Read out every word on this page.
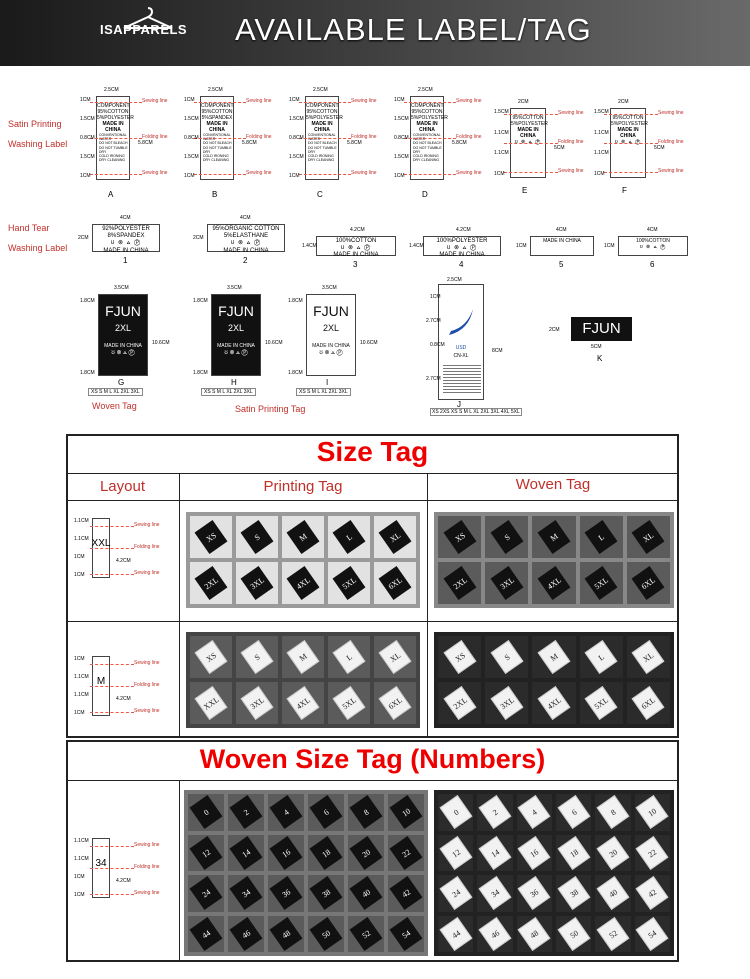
ISAPPARELS AVAILABLE LABEL/TAG
Satin Printing
Washing Label
Hand Tear
Washing Label
COMPONENT
95%COTTON
5%POLYESTER
MADE IN CHINA
CONVENTIONAL WATER
DO NOT BLEACH
DO NOT TUMBLE DRY
COLD IRONING
DRY CLEANING
2.5CM
A
Sewing line
Folding line
Sewing line
1CM
1.5CM
0.8CM
1.5CM
1CM
5.8CM
COMPONENT
95%COTTON
5%SPANDEX
MADE IN CHINA
CONVENTIONAL WATER
DO NOT BLEACH
DO NOT TUMBLE DRY
COLD IRONING
DRY CLEANING
2.5CM
B
Sewing line
Folding line
Sewing line
1CM
1.5CM
0.8CM
1.5CM
1CM
5.8CM
COMPONENT
95%COTTON
5%POLYESTER
MADE IN CHINA
CONVENTIONAL WATER
DO NOT BLEACH
DO NOT TUMBLE DRY
COLD IRONING
DRY CLEANING
2.5CM
C
Sewing line
Folding line
Sewing line
1CM
1.5CM
0.8CM
1.5CM
1CM
5.8CM
COMPONENT
95%COTTON
5%POLYESTER
MADE IN CHINA
CONVENTIONAL WATER
DO NOT BLEACH
DO NOT TUMBLE DRY
COLD IRONING
DRY CLEANING
2.5CM
D
Sewing line
Folding line
Sewing line
1CM
1.5CM
0.8CM
1.5CM
1CM
5.8CM
95%COTTON
5%POLYESTER
MADE IN CHINA
ʊ ⊗ ⩟ Ⓟ
2CM
E
Sewing line
Folding line
Sewing line
1.5CM
1.1CM
1.1CM
1CM
5CM
95%COTTON
5%POLYESTER
MADE IN CHINA
ʊ ⊗ ⩟ Ⓟ
2CM
F
Sewing line
Folding line
Sewing line
1.5CM
1.1CM
1.1CM
1CM
5CM
92%POLYESTER 8%SPANDEX
ʊ ⊗ ⩟ Ⓟ
MADE IN CHINA
4CM
2CM
1
95%ORGANIC COTTON 5%ELASTHANE
ʊ ⊗ ⩟ Ⓟ
MADE IN CHINA
4CM
2CM
2
100%COTTON
ʊ ⊗ ⩟ Ⓟ
MADE IN CHINA
4.2CM
1.4CM
3
100%POLYESTER
ʊ ⊗ ⩟ Ⓟ
MADE IN CHINA
4.2CM
1.4CM
4
MADE IN CHINA
4CM
1CM
5
100%COTTON
ʊ ⊗ ⩟ Ⓟ
4CM
1CM
6
FJUN
2XL
MADE IN CHINA
ʊ ⊗ ⩟ Ⓟ
3.5CM
1.8CM
1.8CM
10.6CM
XS S M L XL 2XL 3XL
G
FJUN
2XL
MADE IN CHINA
ʊ ⊗ ⩟ Ⓟ
3.5CM
1.8CM
1.8CM
10.6CM
XS S M L XL 2XL 3XL
H
FJUN
2XL
MADE IN CHINA
ʊ ⊗ ⩟ Ⓟ
3.5CM
1.8CM
1.8CM
10.6CM
XS S M L XL 2XL 3XL
I
2.5CM
USD
CN-XL
1CM
2.7CM
0.8CM
2.7CM
8CM
XS 2XS XS S M L XL 2XL 3XL 4XL 5XL
J
FJUN
2CM
5CM
K
Woven Tag	Satin Printing Tag
Size Tag
Layout	Printing Tag	Woven Tag
XXL
1.1CM
1.1CM
1CM
1CM
4.2CM
Sewing line
Folding line
Sewing line
M
1CM
1.1CM
1.1CM
1CM
4.2CM
Sewing line
Folding line
Sewing line
XS	S	M	L	XL
2XL	3XL	4XL	5XL	6XL
XS	S	M	L	XL
2XL	3XL	4XL	5XL	6XL
XS	S	M	L	XL
XXL	3XL	4XL	5XL	6XL
XS	S	M	L	XL
2XL	3XL	4XL	5XL	6XL
Woven Size Tag (Numbers)
34
1.1CM
1.1CM
1CM
1CM
4.2CM
Sewing line
Folding line
Sewing line
0	2	4	6	8	10
12	14	16	18	20	22
24	34	36	38	40	42
44	46	48	50	52	54
0	2	4	6	8	10
12	14	16	18	20	22
24	34	36	38	40	42
44	46	48	50	52	54
